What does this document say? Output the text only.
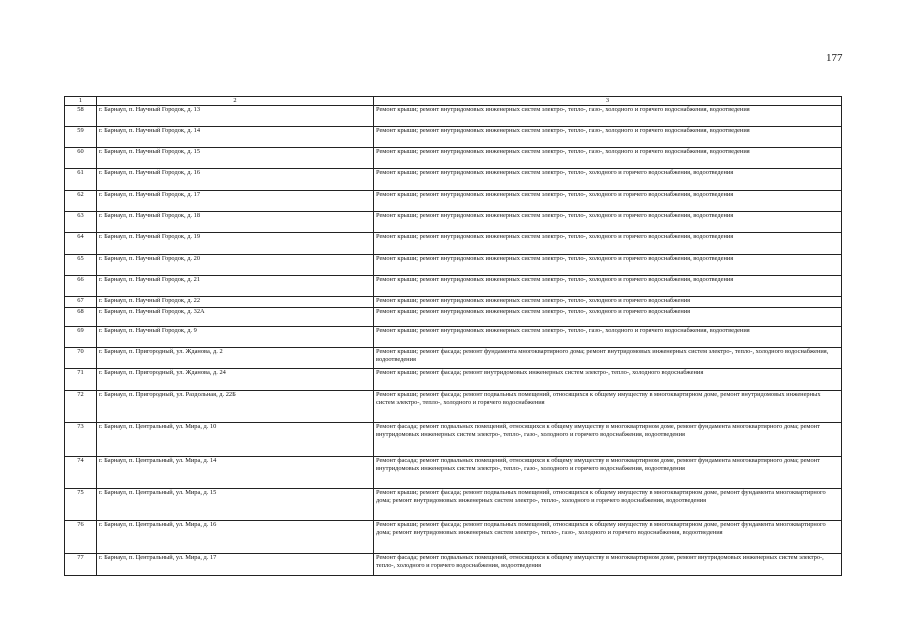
177
1	2	3
58	г. Барнаул, п. Научный Городок, д. 13	Ремонт крыши; ремонт внутридомовых инженерных систем электро-, тепло-, газо-, холодного и горячего водоснабжения, водоотведения
59	г. Барнаул, п. Научный Городок, д. 14	Ремонт крыши; ремонт внутридомовых инженерных систем электро-, тепло-, газо-, холодного и горячего водоснабжения, водоотведения
60	г. Барнаул, п. Научный Городок, д. 15	Ремонт крыши; ремонт внутридомовых инженерных систем электро-, тепло-, газо-, холодного и горячего водоснабжения, водоотведения
61	г. Барнаул, п. Научный Городок, д. 16	Ремонт крыши; ремонт внутридомовых инженерных систем электро-, тепло-, холодного и горячего водоснабжения, водоотведения
62	г. Барнаул, п. Научный Городок, д. 17	Ремонт крыши; ремонт внутридомовых инженерных систем электро-, тепло-, холодного и горячего водоснабжения, водоотведения
63	г. Барнаул, п. Научный Городок, д. 18	Ремонт крыши; ремонт внутридомовых инженерных систем электро-, тепло-, холодного и горячего водоснабжения, водоотведения
64	г. Барнаул, п. Научный Городок, д. 19	Ремонт крыши; ремонт внутридомовых инженерных систем электро-, тепло-, холодного и горячего водоснабжения, водоотведения
65	г. Барнаул, п. Научный Городок, д. 20	Ремонт крыши; ремонт внутридомовых инженерных систем электро-, тепло-, холодного и горячего водоснабжения, водоотведения
66	г. Барнаул, п. Научный Городок, д. 21	Ремонт крыши; ремонт внутридомовых инженерных систем электро-, тепло-, холодного и горячего водоснабжения, водоотведения
67	г. Барнаул, п. Научный Городок, д. 22	Ремонт крыши; ремонт внутридомовых инженерных систем электро-, тепло-, холодного и горячего водоснабжения
68	г. Барнаул, п. Научный Городок, д. 32А	Ремонт крыши; ремонт внутридомовых инженерных систем электро-, тепло-, холодного и горячего водоснабжения
69	г. Барнаул, п. Научный Городок, д. 9	Ремонт крыши; ремонт внутридомовых инженерных систем электро-, тепло-, газо-, холодного и горячего водоснабжения, водоотведения
70	г. Барнаул, п. Пригородный, ул. Жданова, д. 2	Ремонт крыши; ремонт фасада; ремонт фундамента многоквартирного дома; ремонт внутридомовых инженерных систем электро-, тепло-, холодного водоснабжения, водоотведения
71	г. Барнаул, п. Пригородный, ул. Жданова, д. 24	Ремонт крыши; ремонт фасада; ремонт внутридомовых инженерных систем электро-, тепло-, холодного водоснабжения
72	г. Барнаул, п. Пригородный, ул. Раздольная, д. 22Б	Ремонт крыши; ремонт фасада; ремонт подвальных помещений, относящихся к общему имуществу в многоквартирном доме, ремонт внутридомовых инженерных систем электро-, тепло-, холодного и горячего водоснабжения
73	г. Барнаул, п. Центральный, ул. Мира, д. 10	Ремонт фасада; ремонт подвальных помещений, относящихся к общему имуществу в многоквартирном доме, ремонт фундамента многоквартирного дома; ремонт внутридомовых инженерных систем электро-, тепло-, газо-, холодного и горячего водоснабжения, водоотведения
74	г. Барнаул, п. Центральный, ул. Мира, д. 14	Ремонт фасада; ремонт подвальных помещений, относящихся к общему имуществу в многоквартирном доме, ремонт фундамента многоквартирного дома; ремонт внутридомовых инженерных систем электро-, тепло-, газо-, холодного и горячего водоснабжения, водоотведения
75	г. Барнаул, п. Центральный, ул. Мира, д. 15	Ремонт крыши; ремонт фасада; ремонт подвальных помещений, относящихся к общему имуществу в многоквартирном доме, ремонт фундамента многоквартирного дома; ремонт внутридомовых инженерных систем электро-, тепло-, холодного и горячего водоснабжения, водоотведения
76	г. Барнаул, п. Центральный, ул. Мира, д. 16	Ремонт крыши; ремонт фасада; ремонт подвальных помещений, относящихся к общему имуществу в многоквартирном доме, ремонт фундамента многоквартирного дома; ремонт внутридомовых инженерных систем электро-, тепло-, газо-, холодного и горячего водоснабжения, водоотведения
77	г. Барнаул, п. Центральный, ул. Мира, д. 17	Ремонт фасада; ремонт подвальных помещений, относящихся к общему имуществу в многоквартирном доме, ремонт внутридомовых инженерных систем электро-, тепло-, холодного и горячего водоснабжения, водоотведения
